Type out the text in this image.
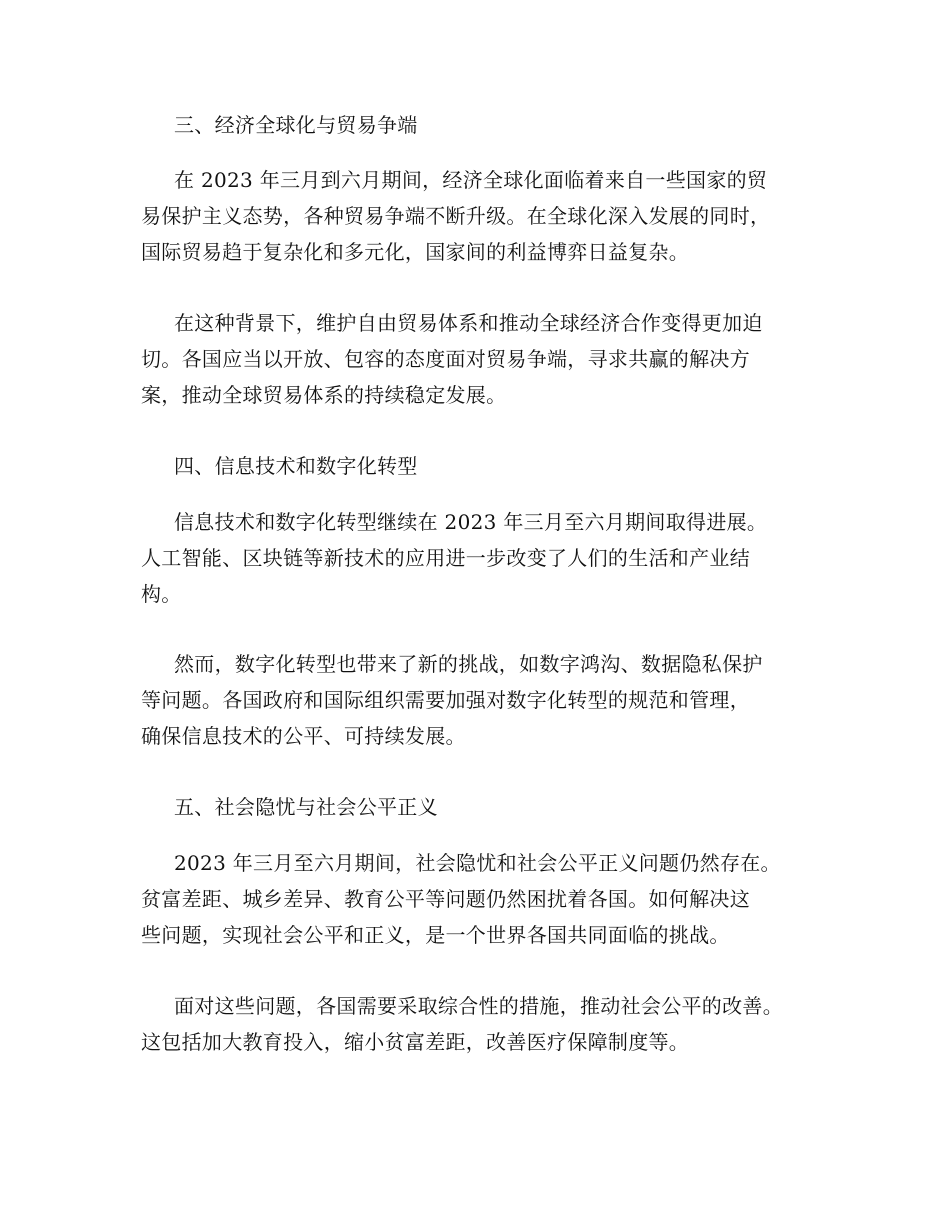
三、经济全球化与贸易争端
在 2023 年三月到六月期间，经济全球化面临着来自一些国家的贸
易保护主义态势，各种贸易争端不断升级。在全球化深入发展的同时，
国际贸易趋于复杂化和多元化，国家间的利益博弈日益复杂。
在这种背景下，维护自由贸易体系和推动全球经济合作变得更加迫
切。各国应当以开放、包容的态度面对贸易争端，寻求共赢的解决方
案，推动全球贸易体系的持续稳定发展。
四、信息技术和数字化转型
信息技术和数字化转型继续在 2023 年三月至六月期间取得进展。
人工智能、区块链等新技术的应用进一步改变了人们的生活和产业结
构。
然而，数字化转型也带来了新的挑战，如数字鸿沟、数据隐私保护
等问题。各国政府和国际组织需要加强对数字化转型的规范和管理，
确保信息技术的公平、可持续发展。
五、社会隐忧与社会公平正义
2023 年三月至六月期间，社会隐忧和社会公平正义问题仍然存在。
贫富差距、城乡差异、教育公平等问题仍然困扰着各国。如何解决这
些问题，实现社会公平和正义，是一个世界各国共同面临的挑战。
面对这些问题，各国需要采取综合性的措施，推动社会公平的改善。
这包括加大教育投入，缩小贫富差距，改善医疗保障制度等。
